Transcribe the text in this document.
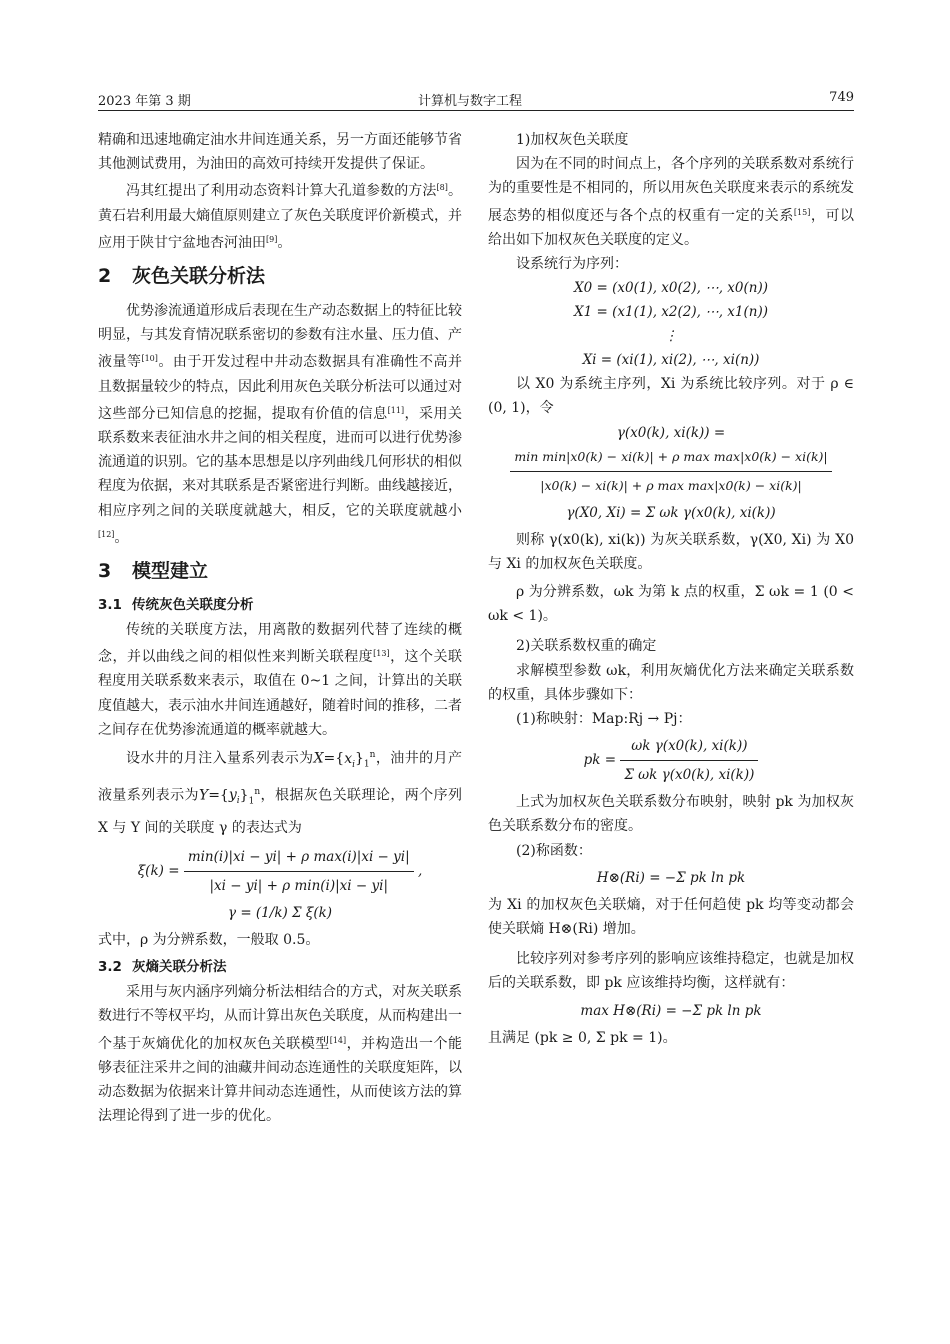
2023 年第 3 期	计算机与数字工程	749

精确和迅速地确定油水井间连通关系，另一方面还能够节省其他测试费用，为油田的高效可持续开发提供了保证。

冯其红提出了利用动态资料计算大孔道参数的方法[8]。黄石岩利用最大熵值原则建立了灰色关联度评价新模式，并应用于陕甘宁盆地杏河油田[9]。

2 灰色关联分析法

优势渗流通道形成后表现在生产动态数据上的特征比较明显，与其发育情况联系密切的参数有注水量、压力值、产液量等[10]。由于开发过程中井动态数据具有准确性不高并且数据量较少的特点，因此利用灰色关联分析法可以通过对这些部分已知信息的挖掘，提取有价值的信息[11]，采用关联系数来表征油水井之间的相关程度，进而可以进行优势渗流通道的识别。它的基本思想是以序列曲线几何形状的相似程度为依据，来对其联系是否紧密进行判断。曲线越接近，相应序列之间的关联度就越大，相反，它的关联度就越小[12]。

3 模型建立
3.1 传统灰色关联度分析

传统的关联度方法，用离散的数据列代替了连续的概念，并以曲线之间的相似性来判断关联程度[13]，这个关联程度用关联系数来表示，取值在 0~1 之间，计算出的关联度值越大，表示油水井间连通越好，随着时间的推移，二者之间存在优势渗流通道的概率就越大。

设水井的月注入量系列表示为$X=\{x_i\}_1^n$，油井的月产液量系列表示为$Y=\{y_i\}_1^n$，根据灰色关联理论，两个序列 X 与 Y 间的关联度 γ 的表达式为

$\xi(k) = \frac{\text{min(i)|xi − yi| + ρ max(i)|xi − yi|}}{\text{|xi − yi| + ρ min(i)|xi − yi|}}$ ,
γ = (1/k) Σ ξ(k)

式中，ρ 为分辨系数，一般取 0.5。

3.2 灰熵关联分析法

采用与灰内涵序列熵分析法相结合的方式，对灰关联系数进行不等权平均，从而计算出灰色关联度，从而构建出一个基于灰熵优化的加权灰色关联模型[14]，并构造出一个能够表征注采井之间的油藏井间动态连通性的关联度矩阵，以动态数据为依据来计算井间动态连通性，从而使该方法的算法理论得到了进一步的优化。

1)加权灰色关联度

因为在不同的时间点上，各个序列的关联系数对系统行为的重要性是不相同的，所以用灰色关联度来表示的系统发展态势的相似度还与各个点的权重有一定的关系[15]，可以给出如下加权灰色关联度的定义。

设系统行为序列：

X0 = (x0(1), x0(2), ⋯, x0(n))
X1 = (x1(1), x2(2), ⋯, x1(n))
⋮
Xi = (xi(1), xi(2), ⋯, xi(n))

以 X0 为系统主序列，Xi 为系统比较序列。对于 ρ ∈ (0, 1)，令

γ(x0(k), xi(k)) =
$\frac{\text{min min|x0(k) − xi(k)| + ρ max max|x0(k) − xi(k)|}}{\text{|x0(k) − xi(k)| + ρ max max|x0(k) − xi(k)|}}$
γ(X0, Xi) = Σ ωk γ(x0(k), xi(k))

则称 γ(x0(k), xi(k)) 为灰关联系数，γ(X0, Xi) 为 X0 与 Xi 的加权灰色关联度。

ρ 为分辨系数，ωk 为第 k 点的权重，Σ ωk = 1 (0 < ωk < 1)。

2)关联系数权重的确定

求解模型参数 ωk，利用灰熵优化方法来确定关联系数的权重，具体步骤如下：

(1)称映射：Map:Rj → Pj：

pk = $\frac{\text{ωk γ(x0(k), xi(k))}}{\text{Σ ωk γ(x0(k), xi(k))}}$

上式为加权灰色关联系数分布映射，映射 pk 为加权灰色关联系数分布的密度。

(2)称函数：

H⊗(Ri) = −Σ pk ln pk

为 Xi 的加权灰色关联熵，对于任何趋使 pk 均等变动都会使关联熵 H⊗(Ri) 增加。

比较序列对参考序列的影响应该维持稳定，也就是加权后的关联系数，即 pk 应该维持均衡，这样就有：

max H⊗(Ri) = −Σ pk ln pk

且满足 (pk ≥ 0, Σ pk = 1)。
